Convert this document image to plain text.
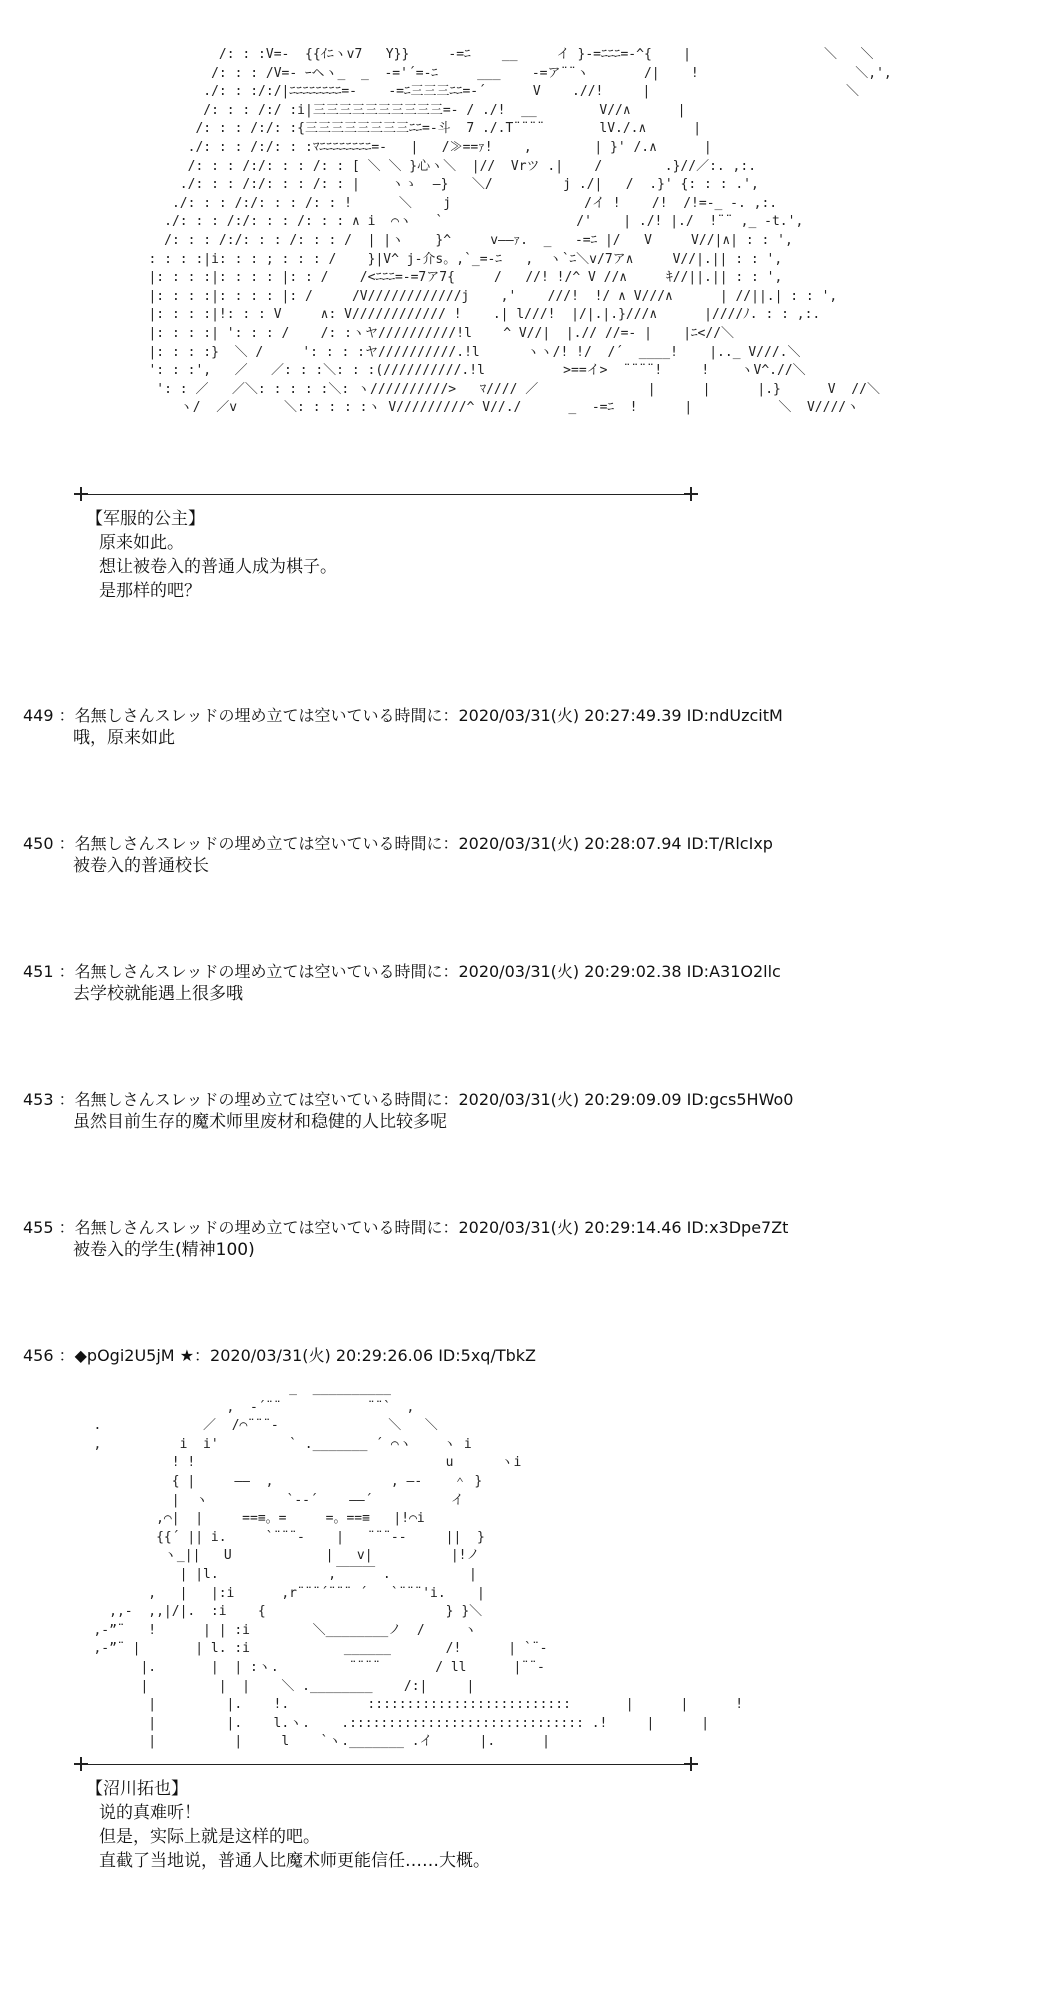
/: : :V=-  {{ｲﾆヽv7   Y}}     -=ﾆ    __     イ }-=ﾆﾆﾆ=-^{    |                 ＼   ＼
/: : : /V=- ｰヘヽ_  _  -='´=-ﾆ     ___    -=ア¨¨ヽ       /|    !                    ＼,',
./: : :/:/|ﾆﾆﾆﾆﾆﾆﾆﾆ=-    -=ﾆ三三三ﾆﾆ=-´      V    .//!     |                         ＼
/: : : /:/ :i|三三三三三三三三三三=- / ./!  __        V//∧      |
/: : : /:/: :{三三三三三三三三ﾆﾆ=-斗  7 ./.T¨¨¨¨       lV./.∧      |
./: : : /:/: : :ﾏﾆﾆﾆﾆﾆﾆﾆﾆ=-   |   /≫==ｧ!    ,        | }' /.∧      |
/: : : /:/: : : /: : [ ＼ ＼ }心ヽ＼  |//  Vrツ .|    /        .}//／:. ,:.
./: : : /:/: : : /: : |    ヽゝ  ―}   ＼/         j ./|   /  .}' {: : : .',
./: : : /:/: : : /: : !      ＼    j                 /イ !    /!  /!=-_ -. ,:.
./: : : /:/: : : /: : : ∧ i  ⌒ヽ   `                 /'    | ./! |./  !¨¨ ,_ -t.',
/: : : /:/: : : /: : : /  | |ヽ    }^     v――ｧ.  _   -=ﾆ |/   V     V//|∧| : : ',
: : : :|i: : : ; : : : /    }|V^ j-介s。,`_=-ﾆ   ,  ヽ`ﾆ＼v/7ア∧     V//|.|| : : ',
|: : : :|: : : : |: : /    /<ﾆﾆﾆ=-=7ア7{     /   //! !/^ V //∧     ｷ//||.|| : : ',
|: : : :|: : : : |: /     /V////////////j    ,'    ///!  !/ ∧ V///∧      | //||.| : : ',
|: : : :|!: : : V     ∧: V//////////// !    .| l///!  |/|.|.}///∧      |////ﾉ. : : ,:.
|: : : :| ': : : /    /: :ヽヤ//////////!l    ^ V//|  |.// //=- |    |ﾆ<//＼
|: : : :}  ＼ /     ': : : :ヤ//////////.!l      ヽヽ/! !/  /´  ____!    |.._ V///.＼
': : :',   ／   ／: : :＼: : :(//////////.!l          >==イ>  ¨¨¨¨!     !    ヽV^.//＼
': : ／   ／＼: : : : :＼: ヽ//////////>   ﾏ//// ／              |      |      |.}      V  //＼
ヽ/  ／v      ＼: : : : :ヽ V/////////^ V//./      _  -=ﾆ  !      |           ＼  V////ヽ
【军服的公主】
原来如此。
想让被卷入的普通人成为棋子。
是那样的吧？
449 ：名無しさんスレッドの埋め立ては空いている時間に：2020/03/31(火) 20:27:49.39 ID:ndUzcitM
哦，原来如此
450 ：名無しさんスレッドの埋め立ては空いている時間に：2020/03/31(火) 20:28:07.94 ID:T/RlcIxp
被卷入的普通校长
451 ：名無しさんスレッドの埋め立ては空いている時間に：2020/03/31(火) 20:29:02.38 ID:A31O2llc
去学校就能遇上很多哦
453 ：名無しさんスレッドの埋め立ては空いている時間に：2020/03/31(火) 20:29:09.09 ID:gcs5HWo0
虽然目前生存的魔术师里废材和稳健的人比较多呢
455 ：名無しさんスレッドの埋め立ては空いている時間に：2020/03/31(火) 20:29:14.46 ID:x3Dpe7Zt
被卷入的学生(精神100)
456 ：◆pOgi2U5jM ★：2020/03/31(火) 20:29:26.06 ID:5xq/TbkZ
_  __________
,  -´¨¨           ¨¨`  ,
.             ／  /⌒¨¨¨-              ＼   ＼
,          i  i'         ` ._______ ´ ⌒ヽ    ヽ i
! !                                u      ヽi
{ |     ――  ,               , ―-    ＾ }
|  ヽ          `--´    ――´          イ
,⌒|  |     ==≡。=     =。==≡   |!⌒i
{{´ || i.     `¨¨¨-    |   ¨¨¨--     ||  }
ヽ_||   U            |   v|          |!ノ
| |l.              ,￣￣￣ .          |
,   |   |:i      ,r¨¨¨´¨¨¨ ´   `¨¨¨'i.    |
,,-  ,,|/|.  :i    {                       } }＼
,-”¨   !      | | :i        ＼________ノ  /     ヽ
,-”¨ |       | l. :i            ______       /!      | `¨-
|.       |  | :ヽ.         ¨¨¨¨       / ll      |¨¨-
|         |  |    ＼ .________    /:|     |
|         |.    !.          ::::::::::::::::::::::::::       |      |      !
|         |.    l.ヽ.    .:::::::::::::::::::::::::::::: .!     |      |
|          |     l    `ヽ._______ .イ      |.      |
【沼川拓也】
说的真难听！
但是，实际上就是这样的吧。
直截了当地说，普通人比魔术师更能信任……大概。
